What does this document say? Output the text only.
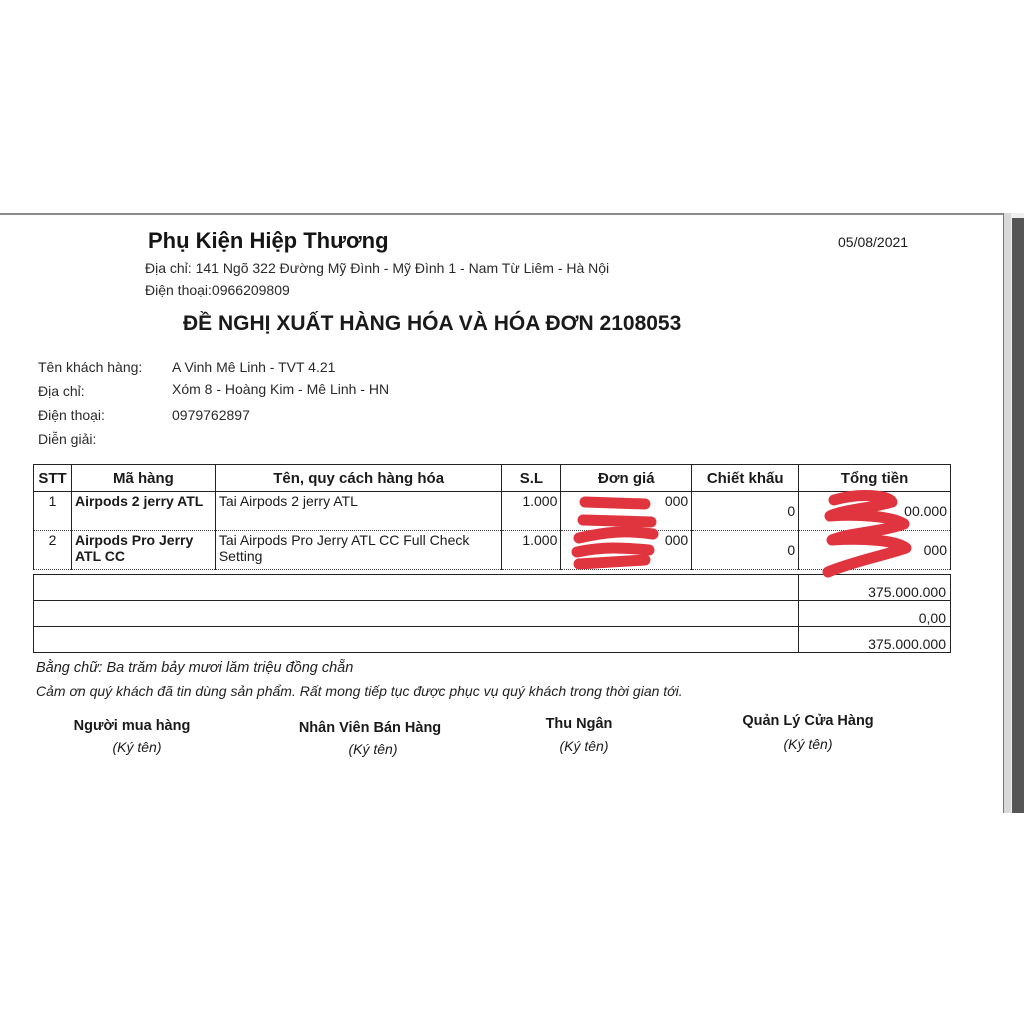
Phụ Kiện Hiệp Thương	05/08/2021
Địa chỉ: 141 Ngõ 322 Đường Mỹ Đình - Mỹ Đình 1 - Nam Từ Liêm - Hà Nội
Điện thoại:0966209809
ĐỀ NGHỊ XUẤT HÀNG HÓA VÀ HÓA ĐƠN 2108053
Tên khách hàng: A Vinh Mê Linh - TVT 4.21
Địa chỉ:	Xóm 8 - Hoàng Kim - Mê Linh - HN
Điện thoại:	0979762897
Diễn giải:
STT	Mã hàng	Tên, quy cách hàng hóa	S.L	Đơn giá	Chiết khấu	Tổng tiền
1	Airpods 2 jerry ATL	Tai Airpods 2 jerry ATL	1.000	000	0	00.000
2	Airpods Pro Jerry ATL CC	Tai Airpods Pro Jerry ATL CC Full Check Setting	1.000	000	0	000
	375.000.000
	0,00
	375.000.000
Bằng chữ: Ba trăm bảy mươi lăm triệu đồng chẵn
Cảm ơn quý khách đã tin dùng sản phẩm. Rất mong tiếp tục được phục vụ quý khách trong thời gian tới.
Người mua hàng
(Ký tên)
Nhân Viên Bán Hàng
(Ký tên)
Thu Ngân
(Ký tên)
Quản Lý Cửa Hàng
(Ký tên)
